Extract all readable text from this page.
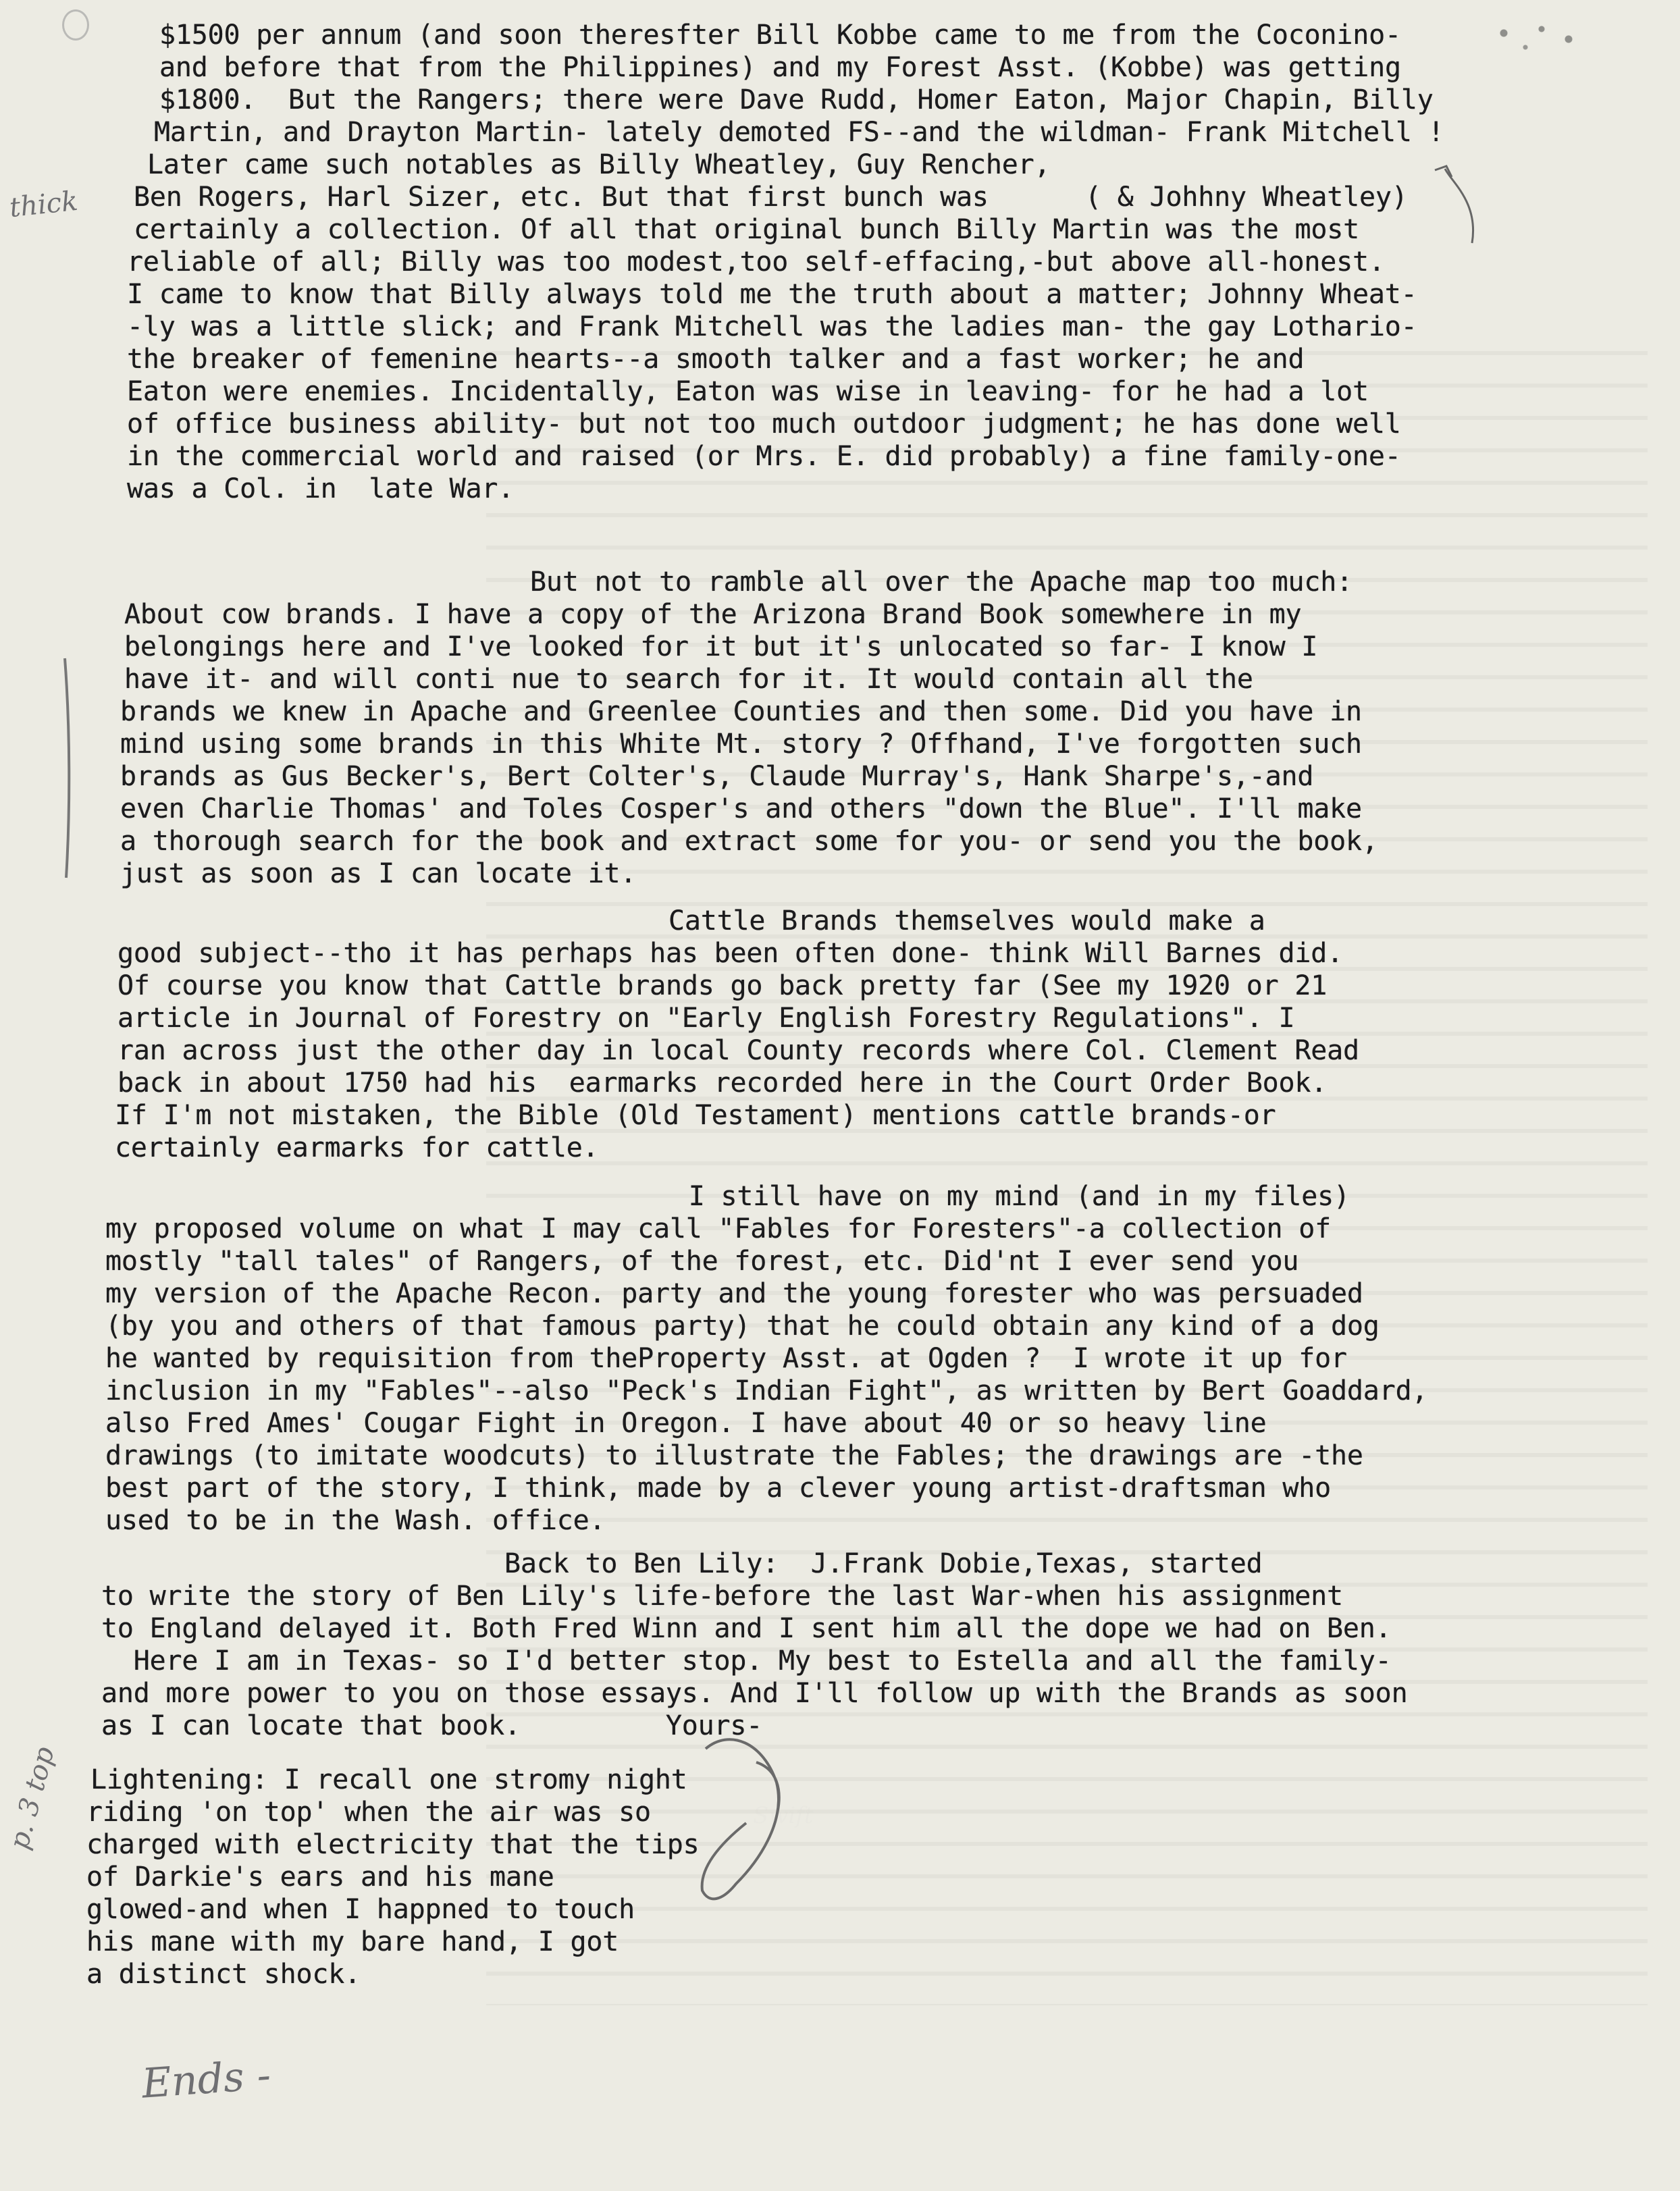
$1500 per annum (and soon theresfter Bill Kobbe came to me from the Coconino-
and before that from the Philippines) and my Forest Asst. (Kobbe) was getting
$1800.  But the Rangers; there were Dave Rudd, Homer Eaton, Major Chapin, Billy
Martin, and Drayton Martin- lately demoted FS--and the wildman- Frank Mitchell !
Later came such notables as Billy Wheatley, Guy Rencher,
Ben Rogers, Harl Sizer, etc. But that first bunch was      ( & Johhny Wheatley)
certainly a collection. Of all that original bunch Billy Martin was the most
reliable of all; Billy was too modest,too self-effacing,-but above all-honest.
I came to know that Billy always told me the truth about a matter; Johnny Wheat-
-ly was a little slick; and Frank Mitchell was the ladies man- the gay Lothario-
the breaker of femenine hearts--a smooth talker and a fast worker; he and
Eaton were enemies. Incidentally, Eaton was wise in leaving- for he had a lot
of office business ability- but not too much outdoor judgment; he has done well
in the commercial world and raised (or Mrs. E. did probably) a fine family-one-
was a Col. in  late War.
But not to ramble all over the Apache map too much:
About cow brands. I have a copy of the Arizona Brand Book somewhere in my
belongings here and I've looked for it but it's unlocated so far- I know I
have it- and will conti nue to search for it. It would contain all the
brands we knew in Apache and Greenlee Counties and then some. Did you have in
mind using some brands in this White Mt. story ? Offhand, I've forgotten such
brands as Gus Becker's, Bert Colter's, Claude Murray's, Hank Sharpe's,-and
even Charlie Thomas' and Toles Cosper's and others "down the Blue". I'll make
a thorough search for the book and extract some for you- or send you the book,
just as soon as I can locate it.
Cattle Brands themselves would make a
good subject--tho it has perhaps has been often done- think Will Barnes did.
Of course you know that Cattle brands go back pretty far (See my 1920 or 21
article in Journal of Forestry on "Early English Forestry Regulations". I
ran across just the other day in local County records where Col. Clement Read
back in about 1750 had his  earmarks recorded here in the Court Order Book.
If I'm not mistaken, the Bible (Old Testament) mentions cattle brands-or
certainly earmarks for cattle.
I still have on my mind (and in my files)
my proposed volume on what I may call "Fables for Foresters"-a collection of
mostly "tall tales" of Rangers, of the forest, etc. Did'nt I ever send you
my version of the Apache Recon. party and the young forester who was persuaded
(by you and others of that famous party) that he could obtain any kind of a dog
he wanted by requisition from theProperty Asst. at Ogden ?  I wrote it up for
inclusion in my "Fables"--also "Peck's Indian Fight", as written by Bert Goaddard,
also Fred Ames' Cougar Fight in Oregon. I have about 40 or so heavy line
drawings (to imitate woodcuts) to illustrate the Fables; the drawings are -the
best part of the story, I think, made by a clever young artist-draftsman who
used to be in the Wash. office.
Back to Ben Lily:  J.Frank Dobie,Texas, started
to write the story of Ben Lily's life-before the last War-when his assignment
to England delayed it. Both Fred Winn and I sent him all the dope we had on Ben.
Here I am in Texas- so I'd better stop. My best to Estella and all the family-
and more power to you on those essays. And I'll follow up with the Brands as soon
as I can locate that book.         Yours-
Lightening: I recall one stromy night
riding 'on top' when the air was so
charged with electricity that the tips
of Darkie's ears and his mane
glowed-and when I happned to touch
his mane with my bare hand, I got
a distinct shock.
thick
p. 3 top
Ends -
